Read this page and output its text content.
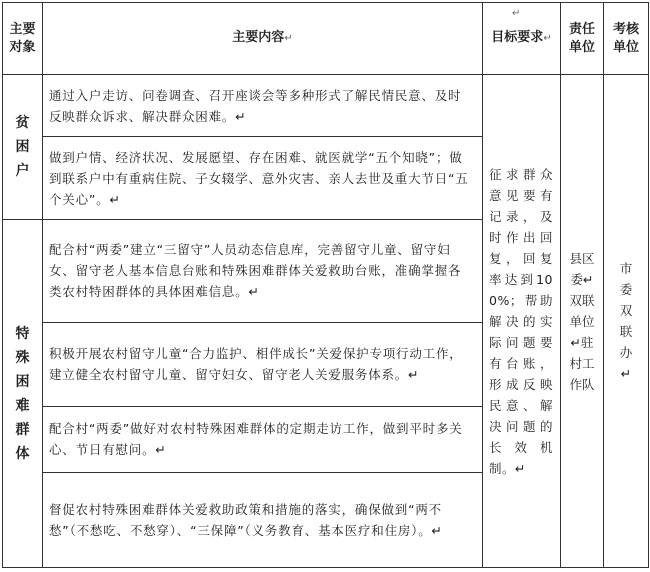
↵
主要对象	主要内容↵	目标要求↵	责任单位	考核单位
贫困户	通过入户走访、问卷调查、召开座谈会等多种形式了解民情民意、及时反映群众诉求、解决群众困难。↵	征求群众意见要有记录，及时作出回复，回复率达到100%；帮助解决的实际问题要有台账，形成反映民意、解决问题的长效机制。↵	县区委↵双联单位↵驻村工作队	市委双联办↵
	做到户情、经济状况、发展愿望、存在困难、就医就学“五个知晓”；做到联系户中有重病住院、子女辍学、意外灾害、亲人去世及重大节日“五个关心”。↵			
特殊困难群体	配合村“两委”建立“三留守”人员动态信息库，完善留守儿童、留守妇女、留守老人基本信息台账和特殊困难群体关爱救助台账，准确掌握各类农村特困群体的具体困难信息。↵			
	积极开展农村留守儿童“合力监护、相伴成长”关爱保护专项行动工作，建立健全农村留守儿童、留守妇女、留守老人关爱服务体系。↵			
	配合村“两委”做好对农村特殊困难群体的定期走访工作，做到平时多关心、节日有慰问。↵			
	督促农村特殊困难群体关爱救助政策和措施的落实，确保做到“两不愁”（不愁吃、不愁穿）、“三保障”（义务教育、基本医疗和住房）。↵			
